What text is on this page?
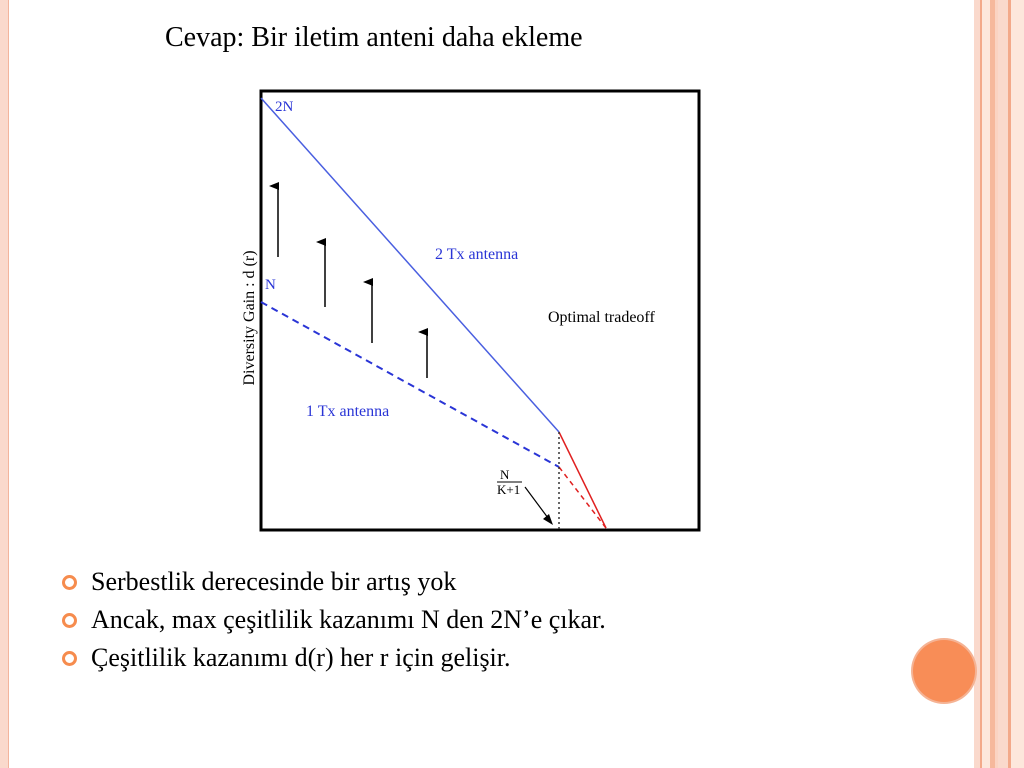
Cevap: Bir iletim anteni daha ekleme
Diversity Gain : d (r)
2N
N
2 Tx antenna
1 Tx antenna
Optimal tradeoff
N
K+1
Serbestlik derecesinde bir artış yok
Ancak, max çeşitlilik kazanımı N den 2N’e çıkar.
Çeşitlilik kazanımı d(r) her r için gelişir.
